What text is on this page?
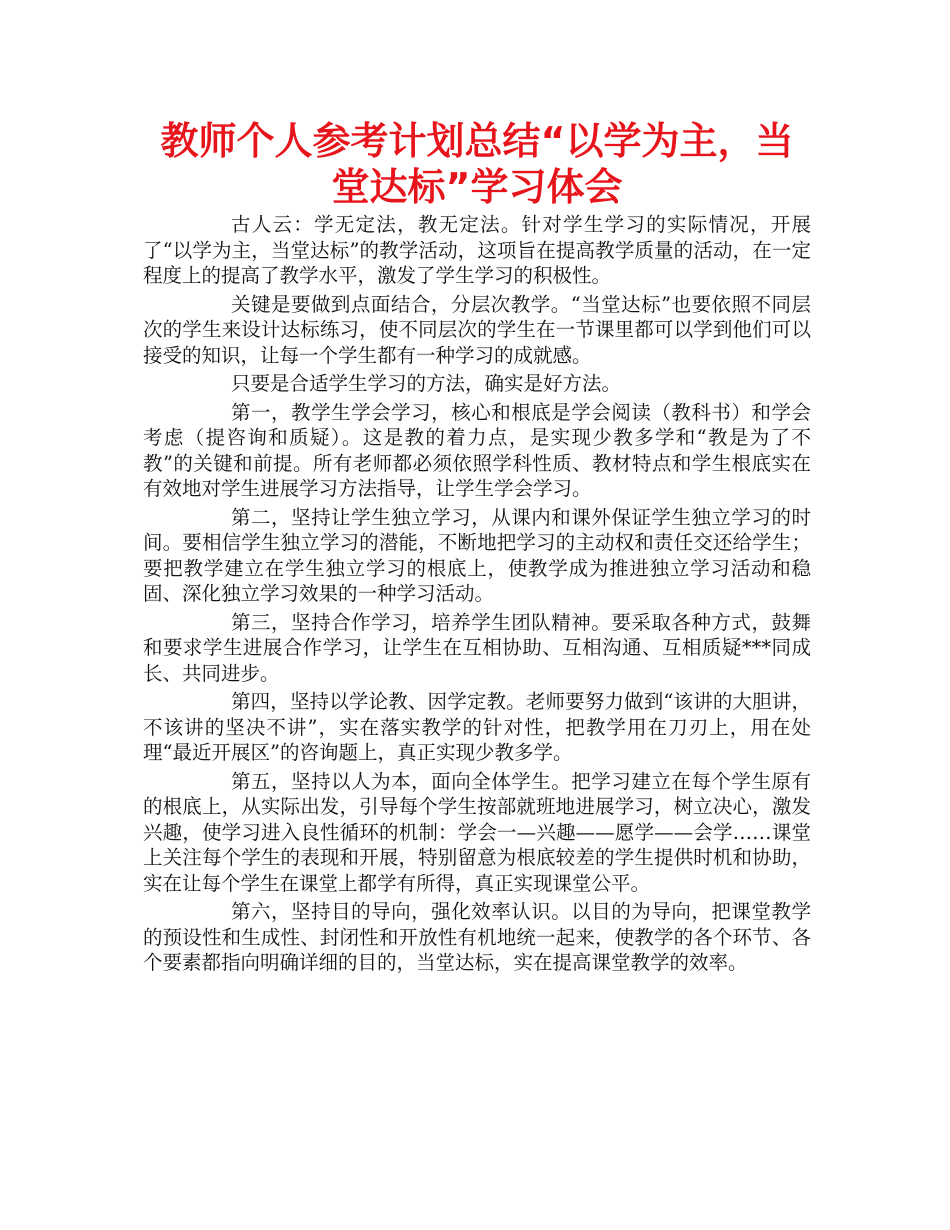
教师个人参考计划总结“以学为主，当堂达标”学习体会

古人云：学无定法，教无定法。针对学生学习的实际情况，开展了“以学为主，当堂达标”的教学活动，这项旨在提高教学质量的活动，在一定程度上的提高了教学水平，激发了学生学习的积极性。

关键是要做到点面结合，分层次教学。“当堂达标”也要依照不同层次的学生来设计达标练习，使不同层次的学生在一节课里都可以学到他们可以接受的知识，让每一个学生都有一种学习的成就感。

只要是合适学生学习的方法，确实是好方法。

第一，教学生学会学习，核心和根底是学会阅读（教科书）和学会考虑（提咨询和质疑）。这是教的着力点，是实现少教多学和“教是为了不教”的关键和前提。所有老师都必须依照学科性质、教材特点和学生根底实在有效地对学生进展学习方法指导，让学生学会学习。

第二，坚持让学生独立学习，从课内和课外保证学生独立学习的时间。要相信学生独立学习的潜能，不断地把学习的主动权和责任交还给学生；要把教学建立在学生独立学习的根底上，使教学成为推进独立学习活动和稳固、深化独立学习效果的一种学习活动。

第三，坚持合作学习，培养学生团队精神。要采取各种方式，鼓舞和要求学生进展合作学习，让学生在互相协助、互相沟通、互相质疑***同成长、共同进步。

第四，坚持以学论教、因学定教。老师要努力做到“该讲的大胆讲，不该讲的坚决不讲”，实在落实教学的针对性，把教学用在刀刃上，用在处理“最近开展区”的咨询题上，真正实现少教多学。

第五，坚持以人为本，面向全体学生。把学习建立在每个学生原有的根底上，从实际出发，引导每个学生按部就班地进展学习，树立决心，激发兴趣，使学习进入良性循环的机制：学会一—兴趣——愿学——会学……课堂上关注每个学生的表现和开展，特别留意为根底较差的学生提供时机和协助，实在让每个学生在课堂上都学有所得，真正实现课堂公平。

第六，坚持目的导向，强化效率认识。以目的为导向，把课堂教学的预设性和生成性、封闭性和开放性有机地统一起来，使教学的各个环节、各个要素都指向明确详细的目的，当堂达标，实在提高课堂教学的效率。
